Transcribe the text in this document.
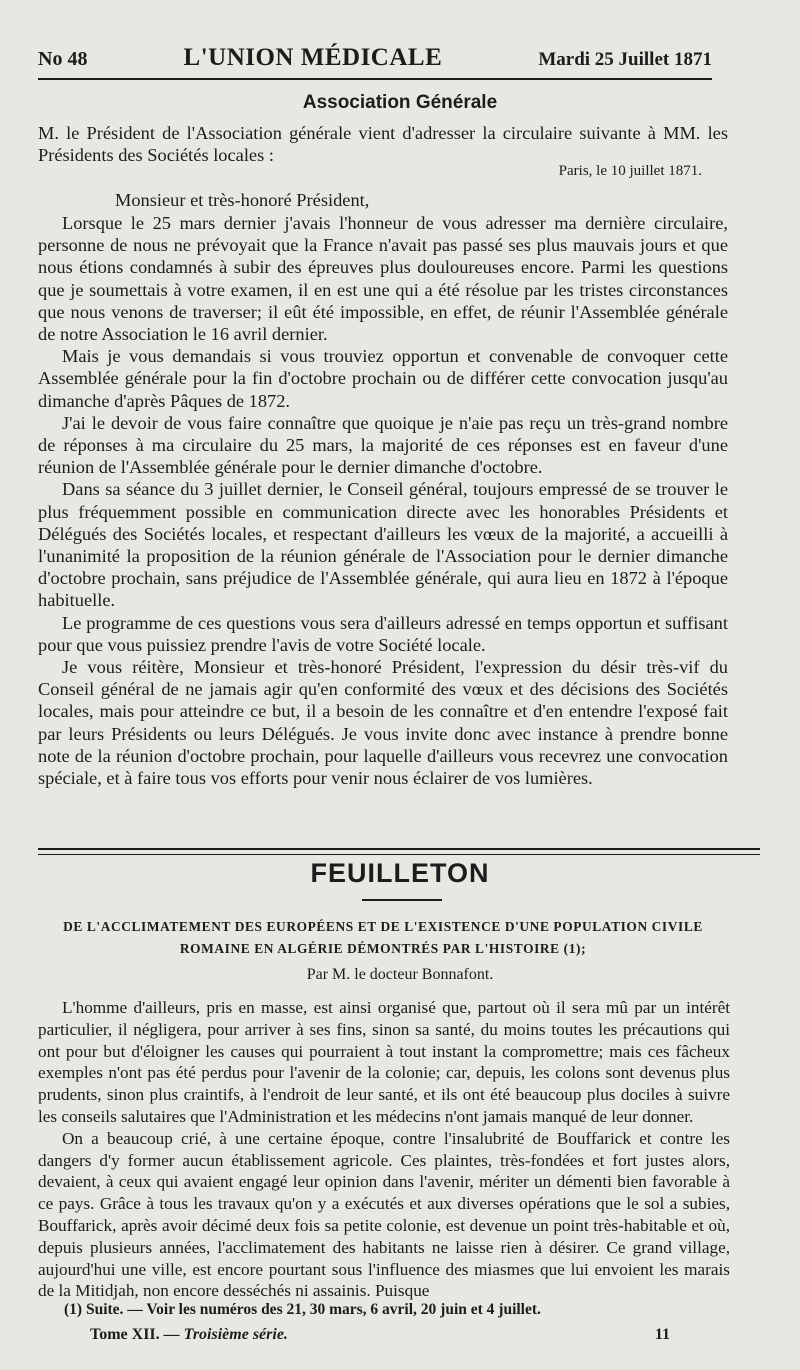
No 48	L'UNION MÉDICALE	Mardi 25 Juillet 1871
Association Générale
M. le Président de l'Association générale vient d'adresser la circulaire suivante à MM. les Présidents des Sociétés locales :
Paris, le 10 juillet 1871.
Monsieur et très-honoré Président,

Lorsque le 25 mars dernier j'avais l'honneur de vous adresser ma dernière circulaire, personne de nous ne prévoyait que la France n'avait pas passé ses plus mauvais jours et que nous étions condamnés à subir des épreuves plus douloureuses encore. Parmi les questions que je soumettais à votre examen, il en est une qui a été résolue par les tristes circonstances que nous venons de traverser; il eût été impossible, en effet, de réunir l'Assemblée générale de notre Association le 16 avril dernier.

Mais je vous demandais si vous trouviez opportun et convenable de convoquer cette Assemblée générale pour la fin d'octobre prochain ou de différer cette convocation jusqu'au dimanche d'après Pâques de 1872.

J'ai le devoir de vous faire connaître que quoique je n'aie pas reçu un très-grand nombre de réponses à ma circulaire du 25 mars, la majorité de ces réponses est en faveur d'une réunion de l'Assemblée générale pour le dernier dimanche d'octobre.

Dans sa séance du 3 juillet dernier, le Conseil général, toujours empressé de se trouver le plus fréquemment possible en communication directe avec les honorables Présidents et Délégués des Sociétés locales, et respectant d'ailleurs les vœux de la majorité, a accueilli à l'unanimité la proposition de la réunion générale de l'Association pour le dernier dimanche d'octobre prochain, sans préjudice de l'Assemblée générale, qui aura lieu en 1872 à l'époque habituelle.

Le programme de ces questions vous sera d'ailleurs adressé en temps opportun et suffisant pour que vous puissiez prendre l'avis de votre Société locale.

Je vous réitère, Monsieur et très-honoré Président, l'expression du désir très-vif du Conseil général de ne jamais agir qu'en conformité des vœux et des décisions des Sociétés locales, mais pour atteindre ce but, il a besoin de les connaître et d'en entendre l'exposé fait par leurs Présidents ou leurs Délégués. Je vous invite donc avec instance à prendre bonne note de la réunion d'octobre prochain, pour laquelle d'ailleurs vous recevrez une convocation spéciale, et à faire tous vos efforts pour venir nous éclairer de vos lumières.

FEUILLETON
DE L'ACCLIMATEMENT DES EUROPÉENS ET DE L'EXISTENCE D'UNE POPULATION CIVILE
ROMAINE EN ALGÉRIE DÉMONTRÉS PAR L'HISTOIRE (1);
Par M. le docteur Bonnafont.

L'homme d'ailleurs, pris en masse, est ainsi organisé que, partout où il sera mû par un intérêt particulier, il négligera, pour arriver à ses fins, sinon sa santé, du moins toutes les précautions qui ont pour but d'éloigner les causes qui pourraient à tout instant la compromettre; mais ces fâcheux exemples n'ont pas été perdus pour l'avenir de la colonie; car, depuis, les colons sont devenus plus prudents, sinon plus craintifs, à l'endroit de leur santé, et ils ont été beaucoup plus dociles à suivre les conseils salutaires que l'Administration et les médecins n'ont jamais manqué de leur donner.

On a beaucoup crié, à une certaine époque, contre l'insalubrité de Bouffarick et contre les dangers d'y former aucun établissement agricole. Ces plaintes, très-fondées et fort justes alors, devaient, à ceux qui avaient engagé leur opinion dans l'avenir, mériter un démenti bien favorable à ce pays. Grâce à tous les travaux qu'on y a exécutés et aux diverses opérations que le sol a subies, Bouffarick, après avoir décimé deux fois sa petite colonie, est devenue un point très-habitable et où, depuis plusieurs années, l'acclimatement des habitants ne laisse rien à désirer. Ce grand village, aujourd'hui une ville, est encore pourtant sous l'influence des miasmes que lui envoient les marais de la Mitidjah, non encore desséchés ni assainis. Puisque

(1) Suite. — Voir les numéros des 21, 30 mars, 6 avril, 20 juin et 4 juillet.
Tome XII. — Troisième série.	11
